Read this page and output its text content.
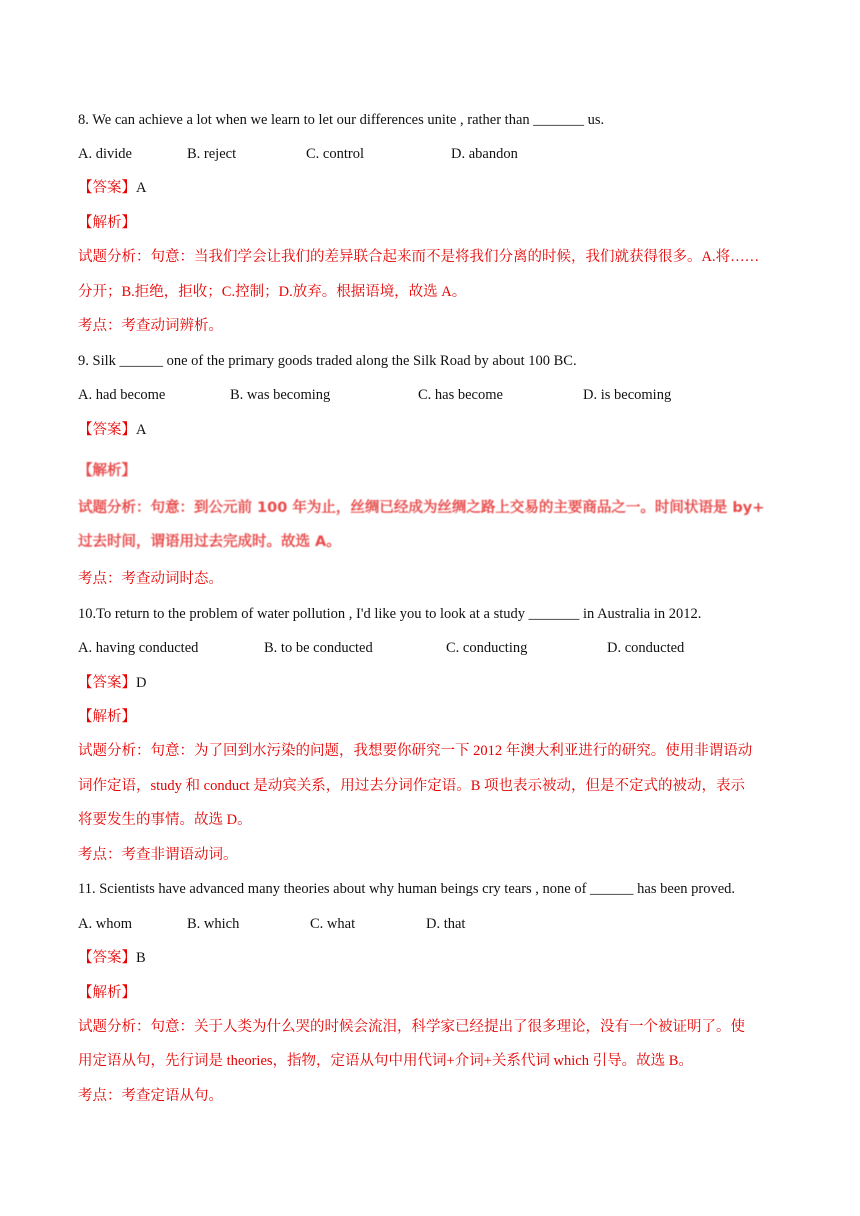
8. We can achieve a lot when we learn to let our differences unite , rather than _______ us.
A. divide	B. reject	C. control	D. abandon
【答案】A
【解析】
试题分析：句意：当我们学会让我们的差异联合起来而不是将我们分离的时候，我们就获得很多。A.将……
分开；B.拒绝，拒收；C.控制；D.放弃。根据语境，故选 A。
考点：考查动词辨析。
9. Silk ______ one of the primary goods traded along the Silk Road by about 100 BC.
A. had become	B. was becoming	C. has become	D. is becoming
【答案】A
【解析】
试题分析：句意：到公元前 100 年为止，丝绸已经成为丝绸之路上交易的主要商品之一。时间状语是 by+
过去时间，谓语用过去完成时。故选 A。
考点：考查动词时态。
10.To return to the problem of water pollution , I'd like you to look at a study _______ in Australia in 2012.
A. having conducted	B. to be conducted	C. conducting	D. conducted
【答案】D
【解析】
试题分析：句意：为了回到水污染的问题，我想要你研究一下 2012 年澳大利亚进行的研究。使用非谓语动
词作定语，study 和 conduct 是动宾关系，用过去分词作定语。B 项也表示被动，但是不定式的被动，表示
将要发生的事情。故选 D。
考点：考查非谓语动词。
11. Scientists have advanced many theories about why human beings cry tears , none of ______ has been proved.
A. whom	B. which	C. what	D. that
【答案】B
【解析】
试题分析：句意：关于人类为什么哭的时候会流泪，科学家已经提出了很多理论，没有一个被证明了。使
用定语从句，先行词是 theories，指物，定语从句中用代词+介词+关系代词 which 引导。故选 B。
考点：考查定语从句。
